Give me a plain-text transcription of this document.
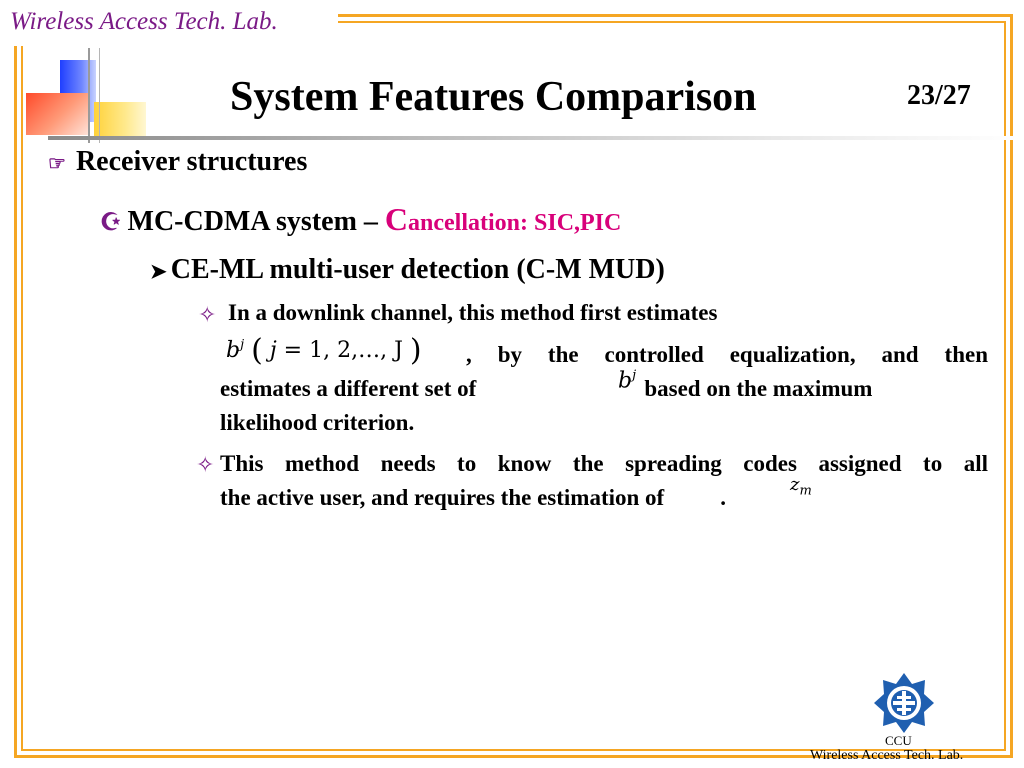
Wireless Access Tech. Lab.
System Features Comparison	23/27
☞ Receiver structures
☪ MC-CDMA system – Cancellation: SIC,PIC
➤ CE-ML multi-user detection (C-M MUD)
✧ In a downlink channel, this method first estimates
$b^j$ ( j = 1, 2,…, J ) , by the controlled equalization, and then
estimates a different set of	based on the maximum
$b^j$
likelihood criterion.
✧ This method needs to know the spreading codes assigned to all
the active user, and requires the estimation of .
$z_m$
CCU
Wireless Access Tech. Lab.
